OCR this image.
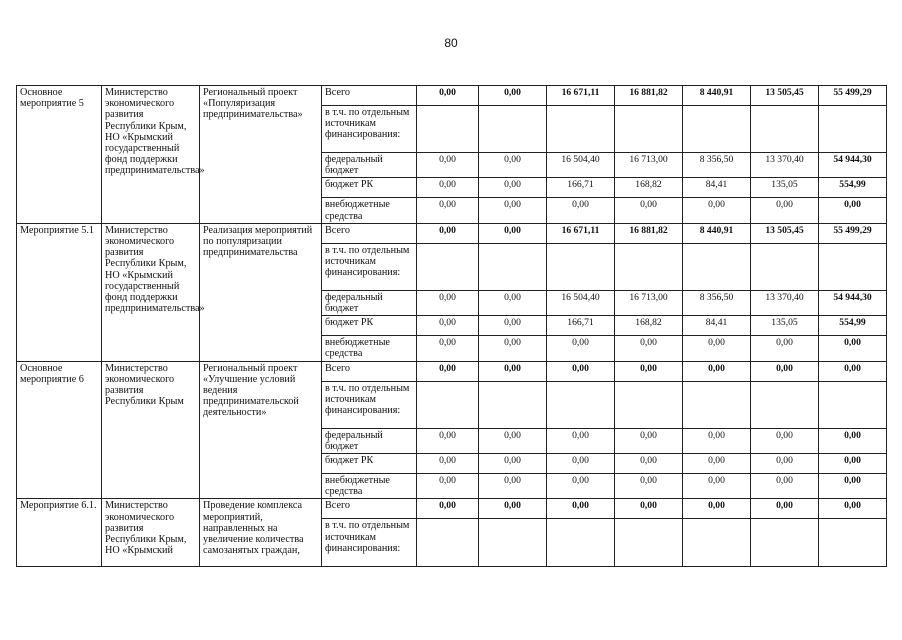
80
Основное мероприятие 5	Министерство экономического развития Республики Крым, НО «Крымский государственный фонд поддержки предпринимательства»	Региональный проект «Популяризация предпринимательства»	Всего	0,00	0,00	16 671,11	16 881,82	8 440,91	13 505,45	55 499,29
			в т.ч. по отдельным источникам финансирования:							
			федеральный бюджет	0,00	0,00	16 504,40	16 713,00	8 356,50	13 370,40	54 944,30
			бюджет РК	0,00	0,00	166,71	168,82	84,41	135,05	554,99
			внебюджетные средства	0,00	0,00	0,00	0,00	0,00	0,00	0,00

Мероприятие 5.1	Министерство экономического развития Республики Крым, НО «Крымский государственный фонд поддержки предпринимательства»	Реализация мероприятий по популяризации предпринимательства	Всего	0,00	0,00	16 671,11	16 881,82	8 440,91	13 505,45	55 499,29
			в т.ч. по отдельным источникам финансирования:							
			федеральный бюджет	0,00	0,00	16 504,40	16 713,00	8 356,50	13 370,40	54 944,30
			бюджет РК	0,00	0,00	166,71	168,82	84,41	135,05	554,99
			внебюджетные средства	0,00	0,00	0,00	0,00	0,00	0,00	0,00

Основное мероприятие 6	Министерство экономического развития Республики Крым	Региональный проект «Улучшение условий ведения предпринимательской деятельности»	Всего	0,00	0,00	0,00	0,00	0,00	0,00	0,00
			в т.ч. по отдельным источникам финансирования:							
			федеральный бюджет	0,00	0,00	0,00	0,00	0,00	0,00	0,00
			бюджет РК	0,00	0,00	0,00	0,00	0,00	0,00	0,00
			внебюджетные средства	0,00	0,00	0,00	0,00	0,00	0,00	0,00

Мероприятие 6.1.	Министерство экономического развития Республики Крым, НО «Крымский	Проведение комплекса мероприятий, направленных на увеличение количества самозанятых граждан,	Всего	0,00	0,00	0,00	0,00	0,00	0,00	0,00
			в т.ч. по отдельным источникам финансирования:							
